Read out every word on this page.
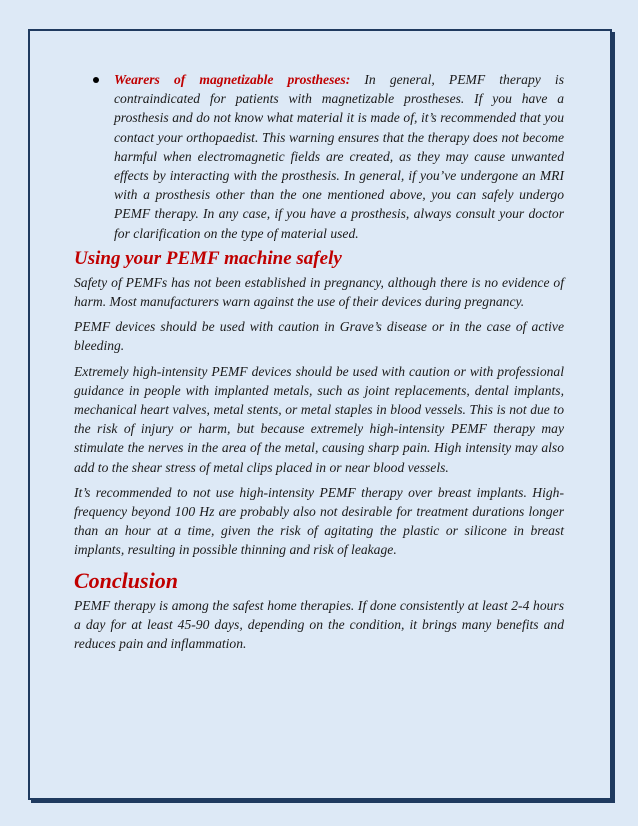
Wearers of magnetizable prostheses: In general, PEMF therapy is contraindicated for patients with magnetizable prostheses. If you have a prosthesis and do not know what material it is made of, it’s recommended that you contact your orthopaedist. This warning ensures that the therapy does not become harmful when electromagnetic fields are created, as they may cause unwanted effects by interacting with the prosthesis. In general, if you’ve undergone an MRI with a prosthesis other than the one mentioned above, you can safely undergo PEMF therapy. In any case, if you have a prosthesis, always consult your doctor for clarification on the type of material used.
Using your PEMF machine safely

Safety of PEMFs has not been established in pregnancy, although there is no evidence of harm. Most manufacturers warn against the use of their devices during pregnancy.

PEMF devices should be used with caution in Grave’s disease or in the case of active bleeding.

Extremely high-intensity PEMF devices should be used with caution or with professional guidance in people with implanted metals, such as joint replacements, dental implants, mechanical heart valves, metal stents, or metal staples in blood vessels. This is not due to the risk of injury or harm, but because extremely high-intensity PEMF therapy may stimulate the nerves in the area of the metal, causing sharp pain. High intensity may also add to the shear stress of metal clips placed in or near blood vessels.

It’s recommended to not use high-intensity PEMF therapy over breast implants. High-frequency beyond 100 Hz are probably also not desirable for treatment durations longer than an hour at a time, given the risk of agitating the plastic or silicone in breast implants, resulting in possible thinning and risk of leakage.

Conclusion

PEMF therapy is among the safest home therapies. If done consistently at least 2-4 hours a day for at least 45-90 days, depending on the condition, it brings many benefits and reduces pain and inflammation.
